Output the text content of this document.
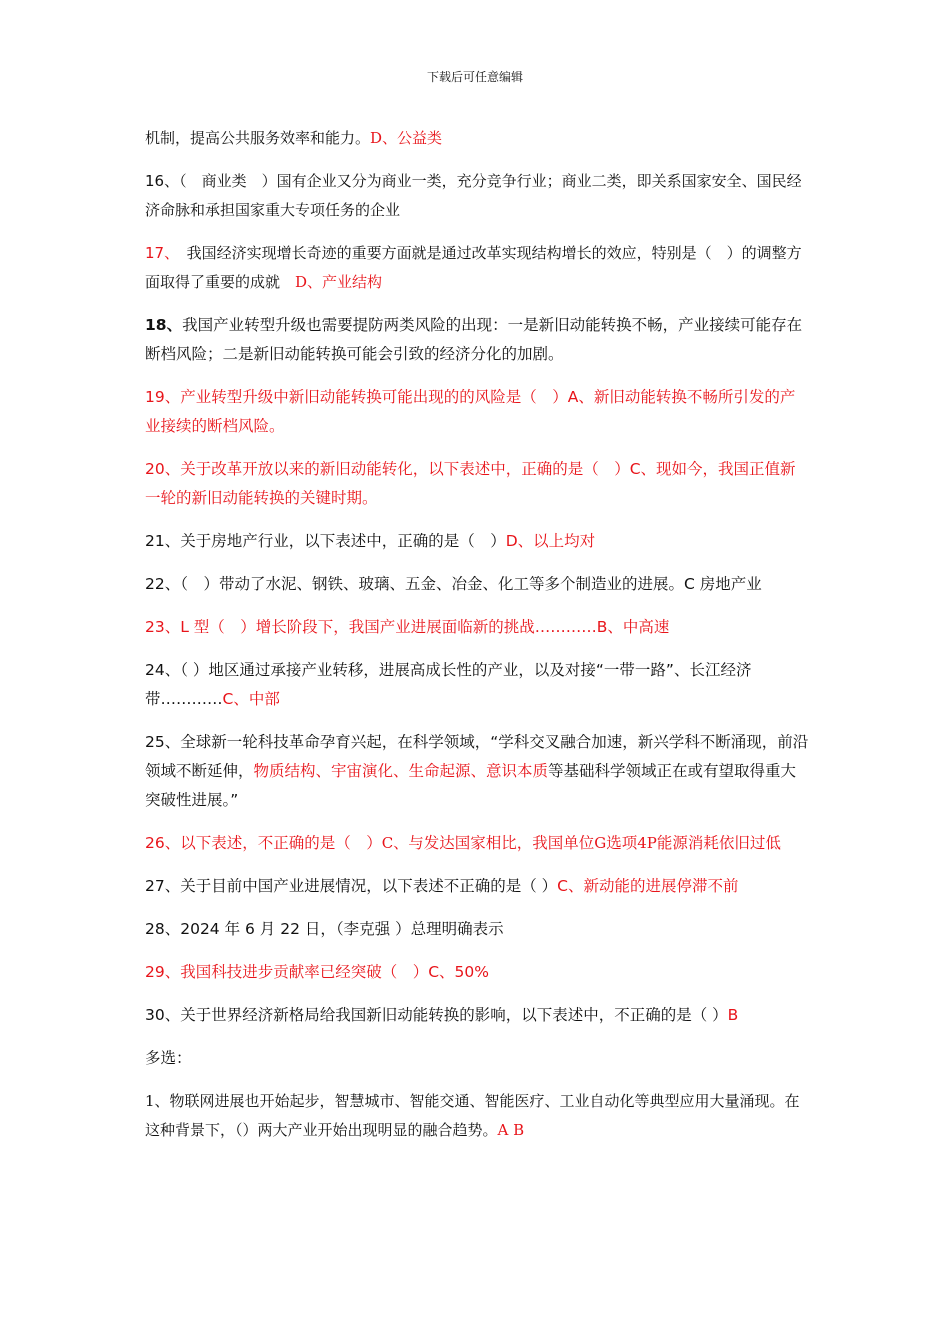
下载后可任意编辑

机制，提高公共服务效率和能力。D、公益类

16、（　商业类　）国有企业又分为商业一类，充分竞争行业；商业二类，即关系国家安全、国民经济命脉和承担国家重大专项任务的企业

17、　我国经济实现增长奇迹的重要方面就是通过改革实现结构增长的效应，特别是（　）的调整方面取得了重要的成就　D、产业结构

18、我国产业转型升级也需要提防两类风险的出现：一是新旧动能转换不畅，产业接续可能存在断档风险；二是新旧动能转换可能会引致的经济分化的加剧。

19、产业转型升级中新旧动能转换可能出现的的风险是（　）A、新旧动能转换不畅所引发的产业接续的断档风险。

20、关于改革开放以来的新旧动能转化，以下表述中，正确的是（　）C、现如今，我国正值新一轮的新旧动能转换的关键时期。

21、关于房地产行业，以下表述中，正确的是（　）D、以上均对

22、（　）带动了水泥、钢铁、玻璃、五金、冶金、化工等多个制造业的进展。C 房地产业

23、L 型（　）增长阶段下，我国产业进展面临新的挑战…………B、中高速

24、（ ）地区通过承接产业转移，进展高成长性的产业，以及对接“一带一路”、长江经济带…………C、中部

25、全球新一轮科技革命孕育兴起，在科学领域，“学科交叉融合加速，新兴学科不断涌现，前沿领域不断延伸，物质结构、宇宙演化、生命起源、意识本质等基础科学领域正在或有望取得重大突破性进展。”

26、以下表述，不正确的是（　）C、与发达国家相比，我国单位G选项4P能源消耗依旧过低

27、关于目前中国产业进展情况，以下表述不正确的是（ ）C、新动能的进展停滞不前

28、2024 年 6 月 22 日，（李克强 ）总理明确表示

29、我国科技进步贡献率已经突破（　）C、50%

30、关于世界经济新格局给我国新旧动能转换的影响，以下表述中，不正确的是（ ）B

多选：

1、物联网进展也开始起步，智慧城市、智能交通、智能医疗、工业自动化等典型应用大量涌现。在这种背景下，（）两大产业开始出现明显的融合趋势。A B
